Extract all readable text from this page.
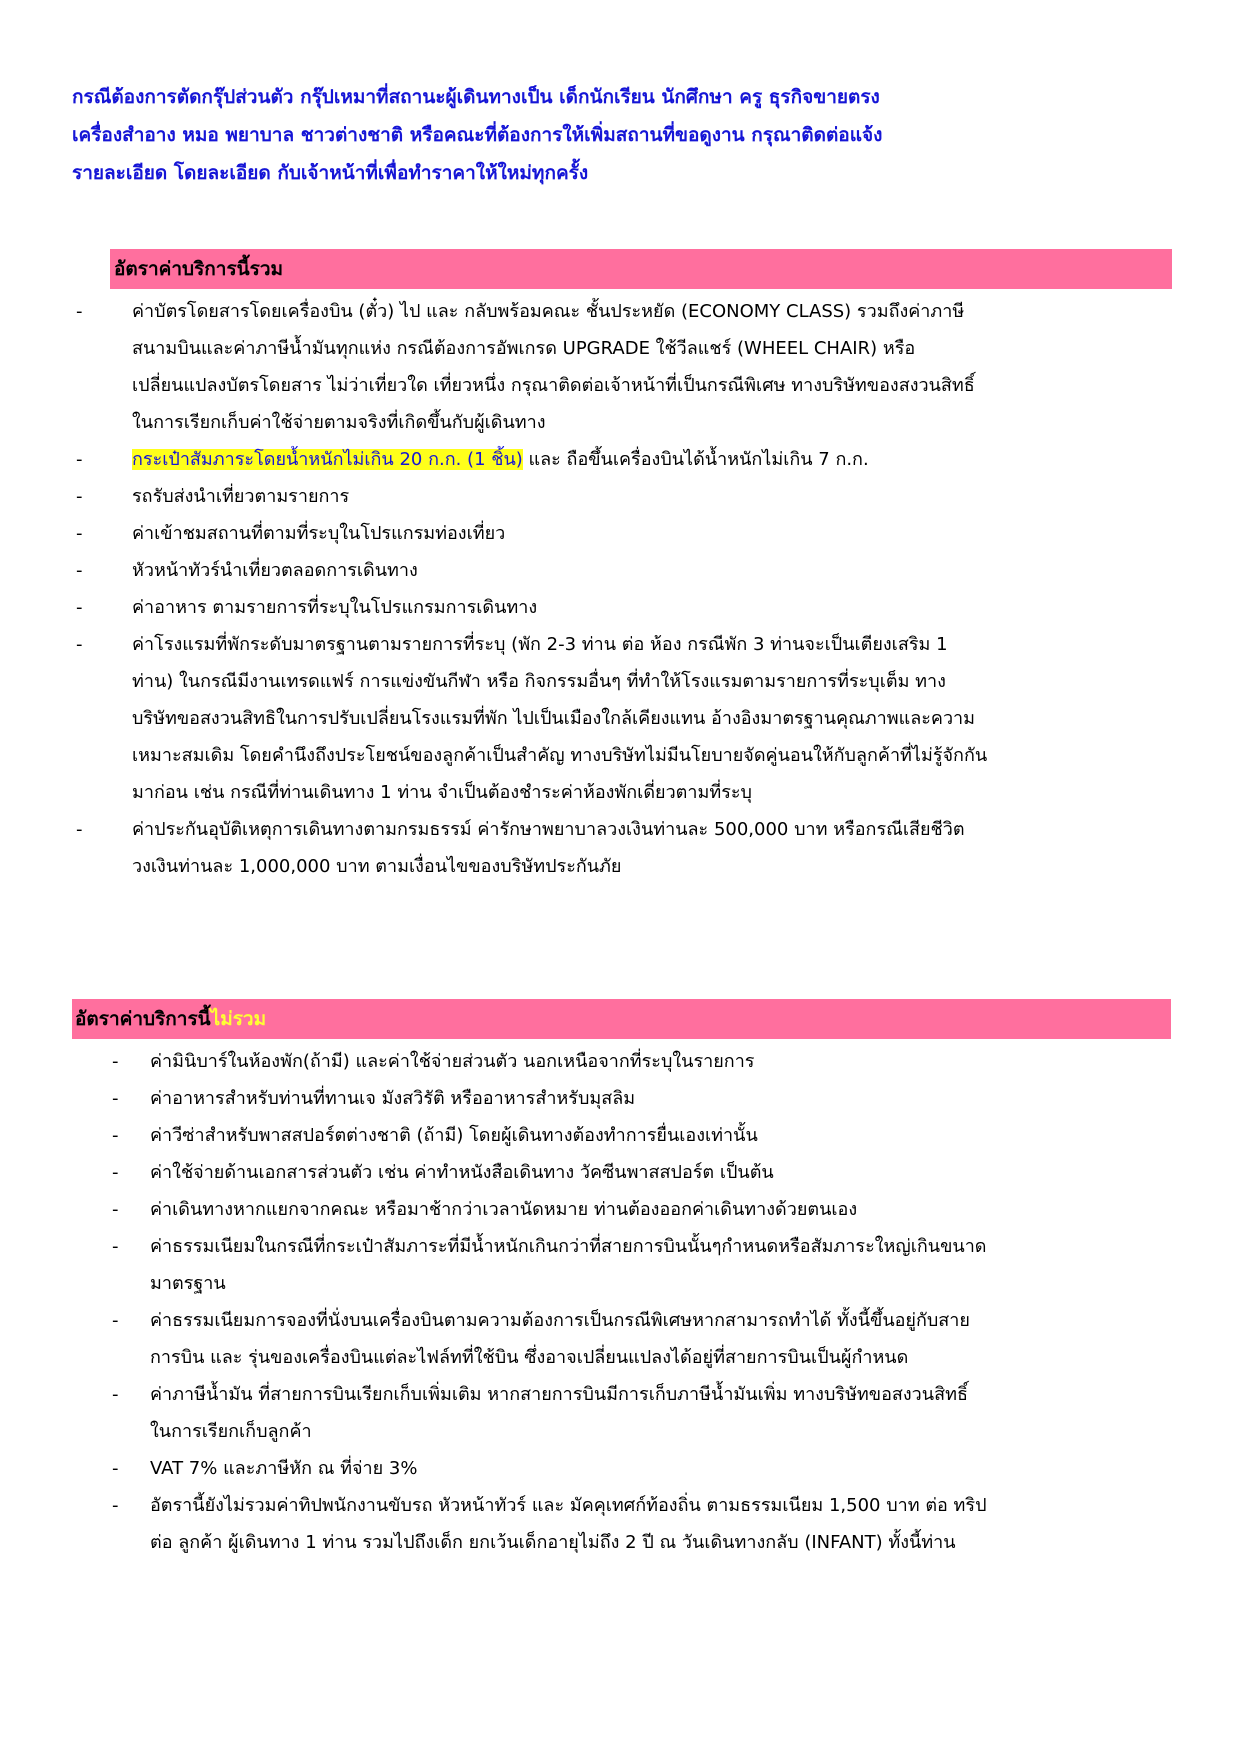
กรณีต้องการตัดกรุ๊ปส่วนตัว กรุ๊ปเหมาที่สถานะผู้เดินทางเป็น เด็กนักเรียน นักศึกษา ครู ธุรกิจขายตรง
เครื่องสำอาง หมอ พยาบาล ชาวต่างชาติ หรือคณะที่ต้องการให้เพิ่มสถานที่ขอดูงาน กรุณาติดต่อแจ้ง
รายละเอียด โดยละเอียด กับเจ้าหน้าที่เพื่อทำราคาให้ใหม่ทุกครั้ง
อัตราค่าบริการนี้รวม
-	ค่าบัตรโดยสารโดยเครื่องบิน (ตั๋ว) ไป และ กลับพร้อมคณะ ชั้นประหยัด (ECONOMY CLASS) รวมถึงค่าภาษี
สนามบินและค่าภาษีน้ำมันทุกแห่ง กรณีต้องการอัพเกรด UPGRADE ใช้วีลแชร์ (WHEEL CHAIR) หรือ
เปลี่ยนแปลงบัตรโดยสาร ไม่ว่าเที่ยวใด เที่ยวหนึ่ง กรุณาติดต่อเจ้าหน้าที่เป็นกรณีพิเศษ ทางบริษัทของสงวนสิทธิ์
ในการเรียกเก็บค่าใช้จ่ายตามจริงที่เกิดขึ้นกับผู้เดินทาง
-	กระเป๋าสัมภาระโดยน้ำหนักไม่เกิน 20 ก.ก. (1 ชิ้น) และ ถือขึ้นเครื่องบินได้น้ำหนักไม่เกิน 7 ก.ก.
-	รถรับส่งนำเที่ยวตามรายการ
-	ค่าเข้าชมสถานที่ตามที่ระบุในโปรแกรมท่องเที่ยว
-	หัวหน้าทัวร์นำเที่ยวตลอดการเดินทาง
-	ค่าอาหาร ตามรายการที่ระบุในโปรแกรมการเดินทาง
-	ค่าโรงแรมที่พักระดับมาตรฐานตามรายการที่ระบุ (พัก 2-3 ท่าน ต่อ ห้อง กรณีพัก 3 ท่านจะเป็นเตียงเสริม 1
ท่าน) ในกรณีมีงานเทรดแฟร์ การแข่งขันกีฬา หรือ กิจกรรมอื่นๆ ที่ทำให้โรงแรมตามรายการที่ระบุเต็ม ทาง
บริษัทขอสงวนสิทธิในการปรับเปลี่ยนโรงแรมที่พัก ไปเป็นเมืองใกล้เคียงแทน อ้างอิงมาตรฐานคุณภาพและความ
เหมาะสมเดิม โดยคำนึงถึงประโยชน์ของลูกค้าเป็นสำคัญ ทางบริษัทไม่มีนโยบายจัดคู่นอนให้กับลูกค้าที่ไม่รู้จักกัน
มาก่อน เช่น กรณีที่ท่านเดินทาง 1 ท่าน จำเป็นต้องชำระค่าห้องพักเดี่ยวตามที่ระบุ
-	ค่าประกันอุบัติเหตุการเดินทางตามกรมธรรม์ ค่ารักษาพยาบาลวงเงินท่านละ 500,000 บาท หรือกรณีเสียชีวิต
วงเงินท่านละ 1,000,000 บาท ตามเงื่อนไขของบริษัทประกันภัย
อัตราค่าบริการนี้ไม่รวม
- ค่ามินิบาร์ในห้องพัก(ถ้ามี) และค่าใช้จ่ายส่วนตัว นอกเหนือจากที่ระบุในรายการ
- ค่าอาหารสำหรับท่านที่ทานเจ มังสวิรัติ หรืออาหารสำหรับมุสลิม
- ค่าวีซ่าสำหรับพาสสปอร์ตต่างชาติ (ถ้ามี) โดยผู้เดินทางต้องทำการยื่นเองเท่านั้น
- ค่าใช้จ่ายด้านเอกสารส่วนตัว เช่น ค่าทำหนังสือเดินทาง วัคซีนพาสสปอร์ต เป็นต้น
- ค่าเดินทางหากแยกจากคณะ หรือมาช้ากว่าเวลานัดหมาย ท่านต้องออกค่าเดินทางด้วยตนเอง
- ค่าธรรมเนียมในกรณีที่กระเป๋าสัมภาระที่มีน้ำหนักเกินกว่าที่สายการบินนั้นๆกำหนดหรือสัมภาระใหญ่เกินขนาด
มาตรฐาน
- ค่าธรรมเนียมการจองที่นั่งบนเครื่องบินตามความต้องการเป็นกรณีพิเศษหากสามารถทำได้ ทั้งนี้ขึ้นอยู่กับสาย
การบิน และ รุ่นของเครื่องบินแต่ละไฟล์ทที่ใช้บิน ซึ่งอาจเปลี่ยนแปลงได้อยู่ที่สายการบินเป็นผู้กำหนด
- ค่าภาษีน้ำมัน ที่สายการบินเรียกเก็บเพิ่มเติม หากสายการบินมีการเก็บภาษีน้ำมันเพิ่ม ทางบริษัทขอสงวนสิทธิ์
ในการเรียกเก็บลูกค้า
- VAT 7% และภาษีหัก ณ ที่จ่าย 3%
- อัตรานี้ยังไม่รวมค่าทิปพนักงานขับรถ หัวหน้าทัวร์ และ มัคคุเทศก์ท้องถิ่น ตามธรรมเนียม 1,500 บาท ต่อ ทริป
ต่อ ลูกค้า ผู้เดินทาง 1 ท่าน รวมไปถึงเด็ก ยกเว้นเด็กอายุไม่ถึง 2 ปี ณ วันเดินทางกลับ (INFANT) ทั้งนี้ท่าน
